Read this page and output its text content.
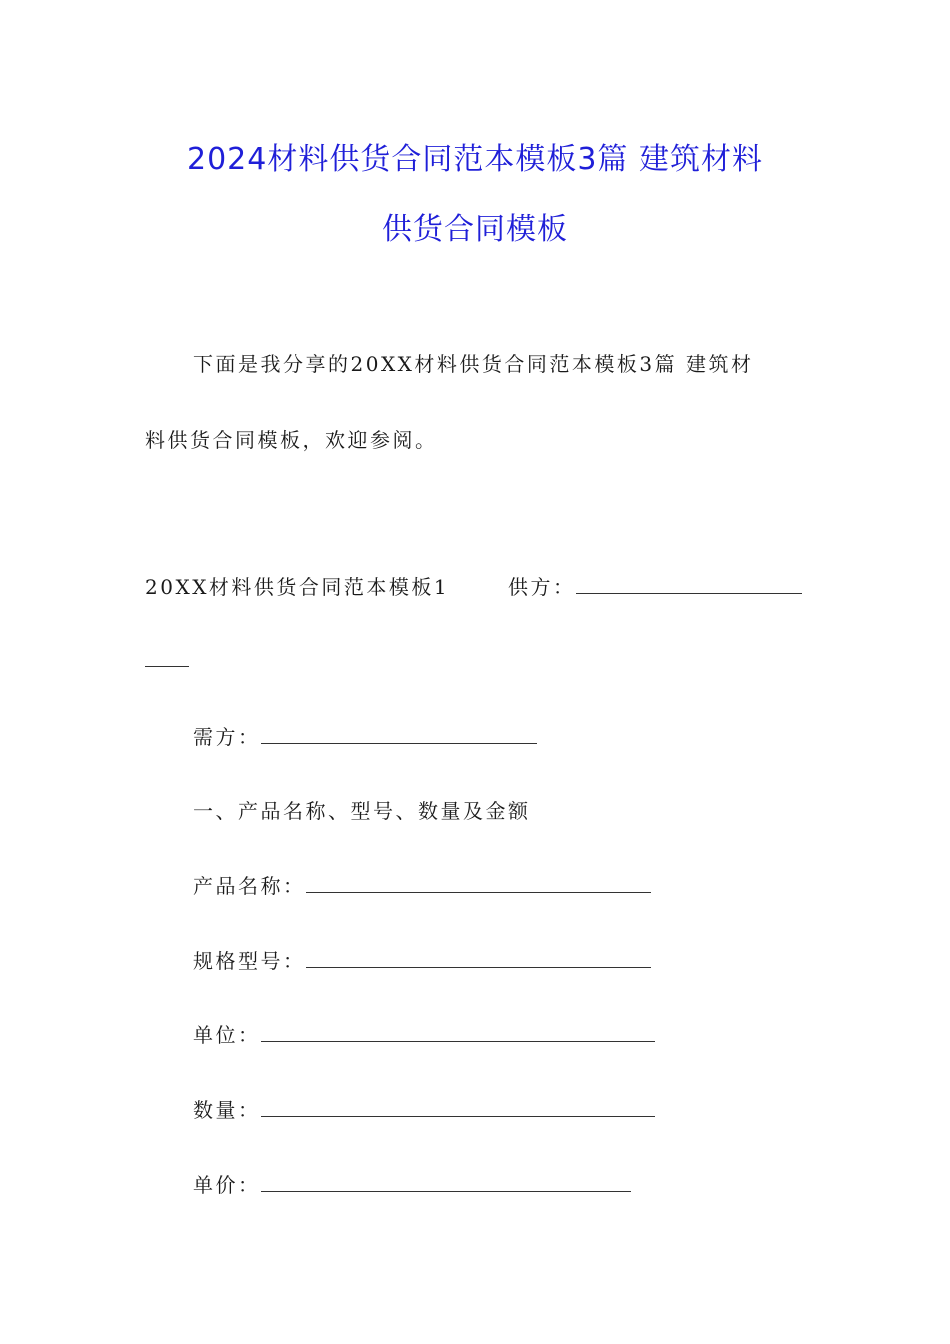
2024材料供货合同范本模板3篇 建筑材料
供货合同模板
下面是我分享的20XX材料供货合同范本模板3篇 建筑材
料供货合同模板，欢迎参阅。
20XX材料供货合同范本模板1	供方：
需方：
一、产品名称、型号、数量及金额
产品名称：
规格型号：
单位：
数量：
单价：
